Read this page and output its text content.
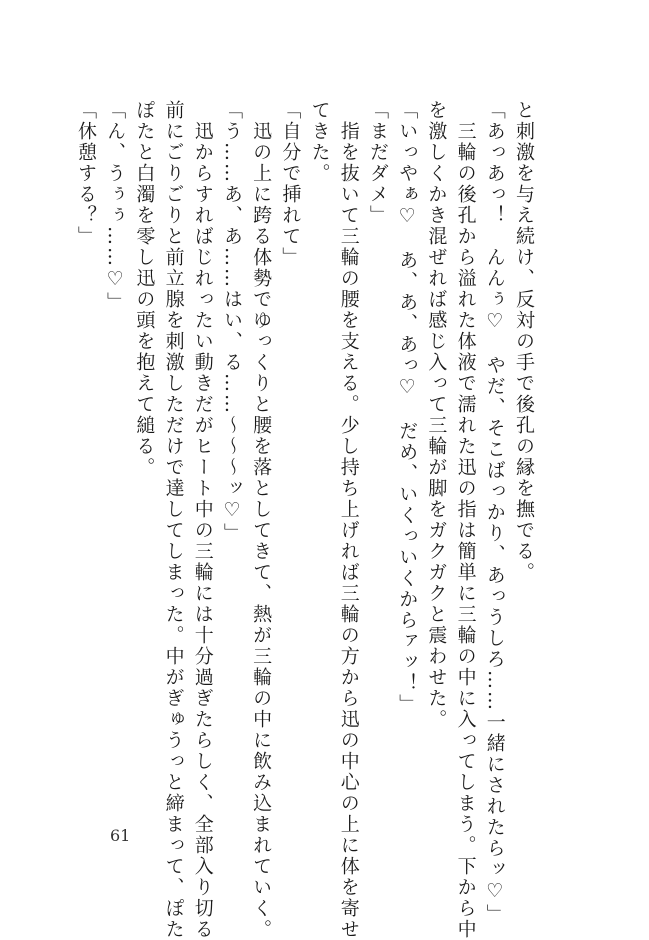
と刺激を与え続け、反対の手で後孔の縁を撫でる。

「あっあっ！　んんぅ♡　やだ、そこばっかり、あっうしろ……一緒にされたらッ♡」

　三輪の後孔から溢れた体液で濡れた迅の指は簡単に三輪の中に入ってしまう。下から中

を激しくかき混ぜれば感じ入って三輪が脚をガクガクと震わせた。

「いっやぁ♡　あ、あ、あっ♡　だめ、いくっいくからァッ！」

「まだダメ」

　指を抜いて三輪の腰を支える。少し持ち上げれば三輪の方から迅の中心の上に体を寄せ

てきた。

「自分で挿れて」

　迅の上に跨る体勢でゆっくりと腰を落としてきて、熱が三輪の中に飲み込まれていく。

「う……あ、あ……はい、る……～～～ッ♡」

　迅からすればじれったい動きだがヒート中の三輪には十分過ぎたらしく、全部入り切る

前にごりごりと前立腺を刺激しただけで達してしまった。中がぎゅうっと締まって、ぽた

ぽたと白濁を零し迅の頭を抱えて縋る。

「ん、うぅぅ……♡」

「休憩する？」

61
